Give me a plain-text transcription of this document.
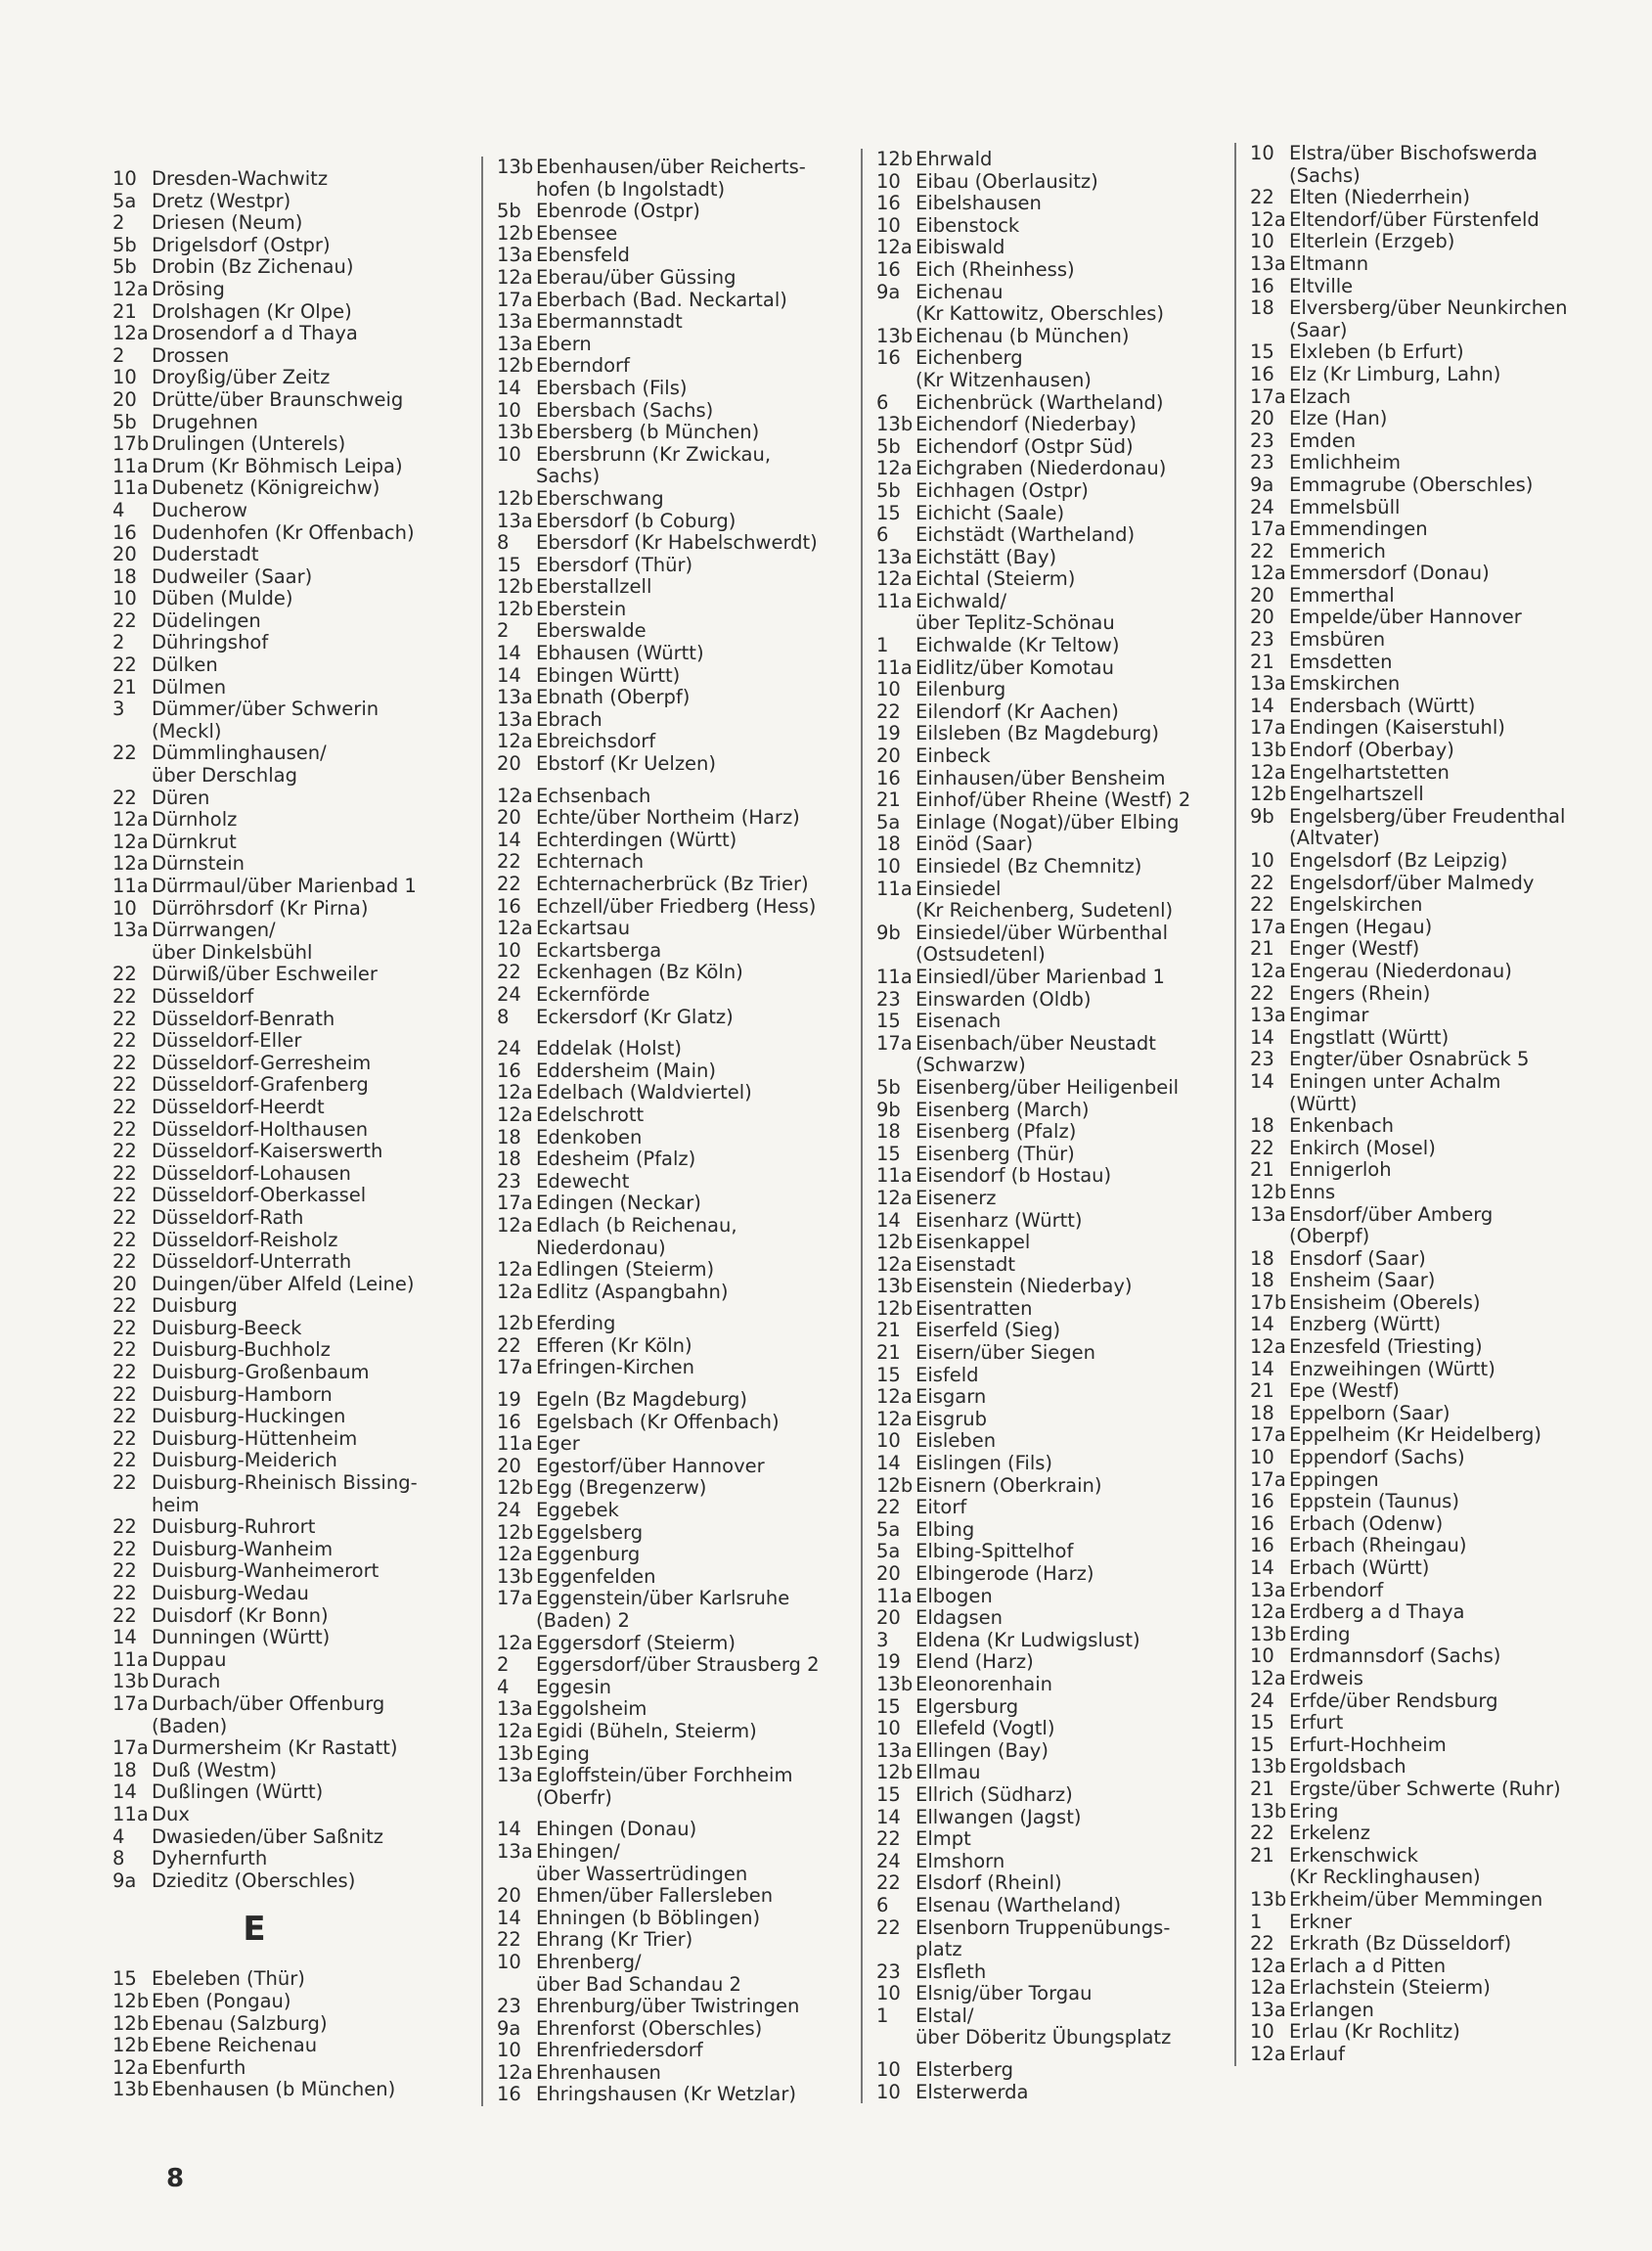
10 Dresden-Wachwitz
5a Dretz (Westpr)
2	Driesen (Neum)
5b Drigelsdorf (Ostpr)
5b Drobin (Bz Zichenau)
12a Drösing
21 Drolshagen (Kr Olpe)
12a Drosendorf a d Thaya
2	Drossen
10 Droyßig/über Zeitz
20 Drütte/über Braunschweig
5b Drugehnen
17b Drulingen (Unterels)
11a Drum (Kr Böhmisch Leipa)
11a Dubenetz (Königreichw)
4	Ducherow
16 Dudenhofen (Kr Offenbach)
20 Duderstadt
18 Dudweiler (Saar)
10 Düben (Mulde)
22 Düdelingen
2	Dühringshof
22 Dülken
21 Dülmen
3	Dümmer/über Schwerin
(Meckl)
22 Dümmlinghausen/
über Derschlag
22 Düren
12a Dürnholz
12a Dürnkrut
12a Dürnstein
11a Dürrmaul/über Marienbad 1
10 Dürröhrsdorf (Kr Pirna)
13a Dürrwangen/
über Dinkelsbühl
22 Dürwiß/über Eschweiler
22 Düsseldorf
22 Düsseldorf-Benrath
22 Düsseldorf-Eller
22 Düsseldorf-Gerresheim
22 Düsseldorf-Grafenberg
22 Düsseldorf-Heerdt
22 Düsseldorf-Holthausen
22 Düsseldorf-Kaiserswerth
22 Düsseldorf-Lohausen
22 Düsseldorf-Oberkassel
22 Düsseldorf-Rath
22 Düsseldorf-Reisholz
22 Düsseldorf-Unterrath
20 Duingen/über Alfeld (Leine)
22 Duisburg
22 Duisburg-Beeck
22 Duisburg-Buchholz
22 Duisburg-Großenbaum
22 Duisburg-Hamborn
22 Duisburg-Huckingen
22 Duisburg-Hüttenheim
22 Duisburg-Meiderich
22 Duisburg-Rheinisch Bissing-
heim
22 Duisburg-Ruhrort
22 Duisburg-Wanheim
22 Duisburg-Wanheimerort
22 Duisburg-Wedau
22 Duisdorf (Kr Bonn)
14 Dunningen (Württ)
11a Duppau
13b Durach
17a Durbach/über Offenburg
(Baden)
17a Durmersheim (Kr Rastatt)
18 Duß (Westm)
14 Dußlingen (Württ)
11a Dux
4	Dwasieden/über Saßnitz
8	Dyhernfurth
9a Dzieditz (Oberschles)
E
15 Ebeleben (Thür)
12b Eben (Pongau)
12b Ebenau (Salzburg)
12b Ebene Reichenau
12a Ebenfurth
13b Ebenhausen (b München)
13b Ebenhausen/über Reicherts-
hofen (b Ingolstadt)
5b Ebenrode (Ostpr)
12b Ebensee
13a Ebensfeld
12a Eberau/über Güssing
17a Eberbach (Bad. Neckartal)
13a Ebermannstadt
13a Ebern
12b Eberndorf
14 Ebersbach (Fils)
10 Ebersbach (Sachs)
13b Ebersberg (b München)
10 Ebersbrunn (Kr Zwickau,
Sachs)
12b Eberschwang
13a Ebersdorf (b Coburg)
8	Ebersdorf (Kr Habelschwerdt)
15 Ebersdorf (Thür)
12b Eberstallzell
12b Eberstein
2	Eberswalde
14 Ebhausen (Württ)
14 Ebingen Württ)
13a Ebnath (Oberpf)
13a Ebrach
12a Ebreichsdorf
20 Ebstorf (Kr Uelzen)
12a Echsenbach
20 Echte/über Northeim (Harz)
14 Echterdingen (Württ)
22 Echternach
22 Echternacherbrück (Bz Trier)
16 Echzell/über Friedberg (Hess)
12a Eckartsau
10 Eckartsberga
22 Eckenhagen (Bz Köln)
24 Eckernförde
8	Eckersdorf (Kr Glatz)
24 Eddelak (Holst)
16 Eddersheim (Main)
12a Edelbach (Waldviertel)
12a Edelschrott
18 Edenkoben
18 Edesheim (Pfalz)
23 Edewecht
17a Edingen (Neckar)
12a Edlach (b Reichenau,
Niederdonau)
12a Edlingen (Steierm)
12a Edlitz (Aspangbahn)
12b Eferding
22 Efferen (Kr Köln)
17a Efringen-Kirchen
19 Egeln (Bz Magdeburg)
16 Egelsbach (Kr Offenbach)
11a Eger
20 Egestorf/über Hannover
12b Egg (Bregenzerw)
24 Eggebek
12b Eggelsberg
12a Eggenburg
13b Eggenfelden
17a Eggenstein/über Karlsruhe
(Baden) 2
12a Eggersdorf (Steierm)
2	Eggersdorf/über Strausberg 2
4	Eggesin
13a Eggolsheim
12a Egidi (Büheln, Steierm)
13b Eging
13a Egloffstein/über Forchheim
(Oberfr)
14 Ehingen (Donau)
13a Ehingen/
über Wassertrüdingen
20 Ehmen/über Fallersleben
14 Ehningen (b Böblingen)
22 Ehrang (Kr Trier)
10 Ehrenberg/
über Bad Schandau 2
23 Ehrenburg/über Twistringen
9a Ehrenforst (Oberschles)
10 Ehrenfriedersdorf
12a Ehrenhausen
16 Ehringshausen (Kr Wetzlar)
12b Ehrwald
10 Eibau (Oberlausitz)
16 Eibelshausen
10 Eibenstock
12a Eibiswald
16 Eich (Rheinhess)
9a Eichenau
(Kr Kattowitz, Oberschles)
13b Eichenau (b München)
16 Eichenberg
(Kr Witzenhausen)
6	Eichenbrück (Wartheland)
13b Eichendorf (Niederbay)
5b Eichendorf (Ostpr Süd)
12a Eichgraben (Niederdonau)
5b Eichhagen (Ostpr)
15 Eichicht (Saale)
6	Eichstädt (Wartheland)
13a Eichstätt (Bay)
12a Eichtal (Steierm)
11a Eichwald/
über Teplitz-Schönau
1	Eichwalde (Kr Teltow)
11a Eidlitz/über Komotau
10 Eilenburg
22 Eilendorf (Kr Aachen)
19 Eilsleben (Bz Magdeburg)
20 Einbeck
16 Einhausen/über Bensheim
21 Einhof/über Rheine (Westf) 2
5a Einlage (Nogat)/über Elbing
18 Einöd (Saar)
10 Einsiedel (Bz Chemnitz)
11a Einsiedel
(Kr Reichenberg, Sudetenl)
9b Einsiedel/über Würbenthal
(Ostsudetenl)
11a Einsiedl/über Marienbad 1
23 Einswarden (Oldb)
15 Eisenach
17a Eisenbach/über Neustadt
(Schwarzw)
5b Eisenberg/über Heiligenbeil
9b Eisenberg (March)
18 Eisenberg (Pfalz)
15 Eisenberg (Thür)
11a Eisendorf (b Hostau)
12a Eisenerz
14 Eisenharz (Württ)
12b Eisenkappel
12a Eisenstadt
13b Eisenstein (Niederbay)
12b Eisentratten
21 Eiserfeld (Sieg)
21 Eisern/über Siegen
15 Eisfeld
12a Eisgarn
12a Eisgrub
10 Eisleben
14 Eislingen (Fils)
12b Eisnern (Oberkrain)
22 Eitorf
5a Elbing
5a Elbing-Spittelhof
20 Elbingerode (Harz)
11a Elbogen
20 Eldagsen
3	Eldena (Kr Ludwigslust)
19 Elend (Harz)
13b Eleonorenhain
15 Elgersburg
10 Ellefeld (Vogtl)
13a Ellingen (Bay)
12b Ellmau
15 Ellrich (Südharz)
14 Ellwangen (Jagst)
22 Elmpt
24 Elmshorn
22 Elsdorf (Rheinl)
6	Elsenau (Wartheland)
22 Elsenborn Truppenübungs-
platz
23 Elsfleth
10 Elsnig/über Torgau
1	Elstal/
über Döberitz Übungsplatz
10 Elsterberg
10 Elsterwerda
10 Elstra/über Bischofswerda
(Sachs)
22 Elten (Niederrhein)
12a Eltendorf/über Fürstenfeld
10 Elterlein (Erzgeb)
13a Eltmann
16 Eltville
18 Elversberg/über Neunkirchen
(Saar)
15 Elxleben (b Erfurt)
16 Elz (Kr Limburg, Lahn)
17a Elzach
20 Elze (Han)
23 Emden
23 Emlichheim
9a Emmagrube (Oberschles)
24 Emmelsbüll
17a Emmendingen
22 Emmerich
12a Emmersdorf (Donau)
20 Emmerthal
20 Empelde/über Hannover
23 Emsbüren
21 Emsdetten
13a Emskirchen
14 Endersbach (Württ)
17a Endingen (Kaiserstuhl)
13b Endorf (Oberbay)
12a Engelhartstetten
12b Engelhartszell
9b Engelsberg/über Freudenthal
(Altvater)
10 Engelsdorf (Bz Leipzig)
22 Engelsdorf/über Malmedy
22 Engelskirchen
17a Engen (Hegau)
21 Enger (Westf)
12a Engerau (Niederdonau)
22 Engers (Rhein)
13a Engimar
14 Engstlatt (Württ)
23 Engter/über Osnabrück 5
14 Eningen unter Achalm
(Württ)
18 Enkenbach
22 Enkirch (Mosel)
21 Ennigerloh
12b Enns
13a Ensdorf/über Amberg
(Oberpf)
18 Ensdorf (Saar)
18 Ensheim (Saar)
17b Ensisheim (Oberels)
14 Enzberg (Württ)
12a Enzesfeld (Triesting)
14 Enzweihingen (Württ)
21 Epe (Westf)
18 Eppelborn (Saar)
17a Eppelheim (Kr Heidelberg)
10 Eppendorf (Sachs)
17a Eppingen
16 Eppstein (Taunus)
16 Erbach (Odenw)
16 Erbach (Rheingau)
14 Erbach (Württ)
13a Erbendorf
12a Erdberg a d Thaya
13b Erding
10 Erdmannsdorf (Sachs)
12a Erdweis
24 Erfde/über Rendsburg
15 Erfurt
15 Erfurt-Hochheim
13b Ergoldsbach
21 Ergste/über Schwerte (Ruhr)
13b Ering
22 Erkelenz
21 Erkenschwick
(Kr Recklinghausen)
13b Erkheim/über Memmingen
1	Erkner
22 Erkrath (Bz Düsseldorf)
12a Erlach a d Pitten
12a Erlachstein (Steierm)
13a Erlangen
10 Erlau (Kr Rochlitz)
12a Erlauf
8
